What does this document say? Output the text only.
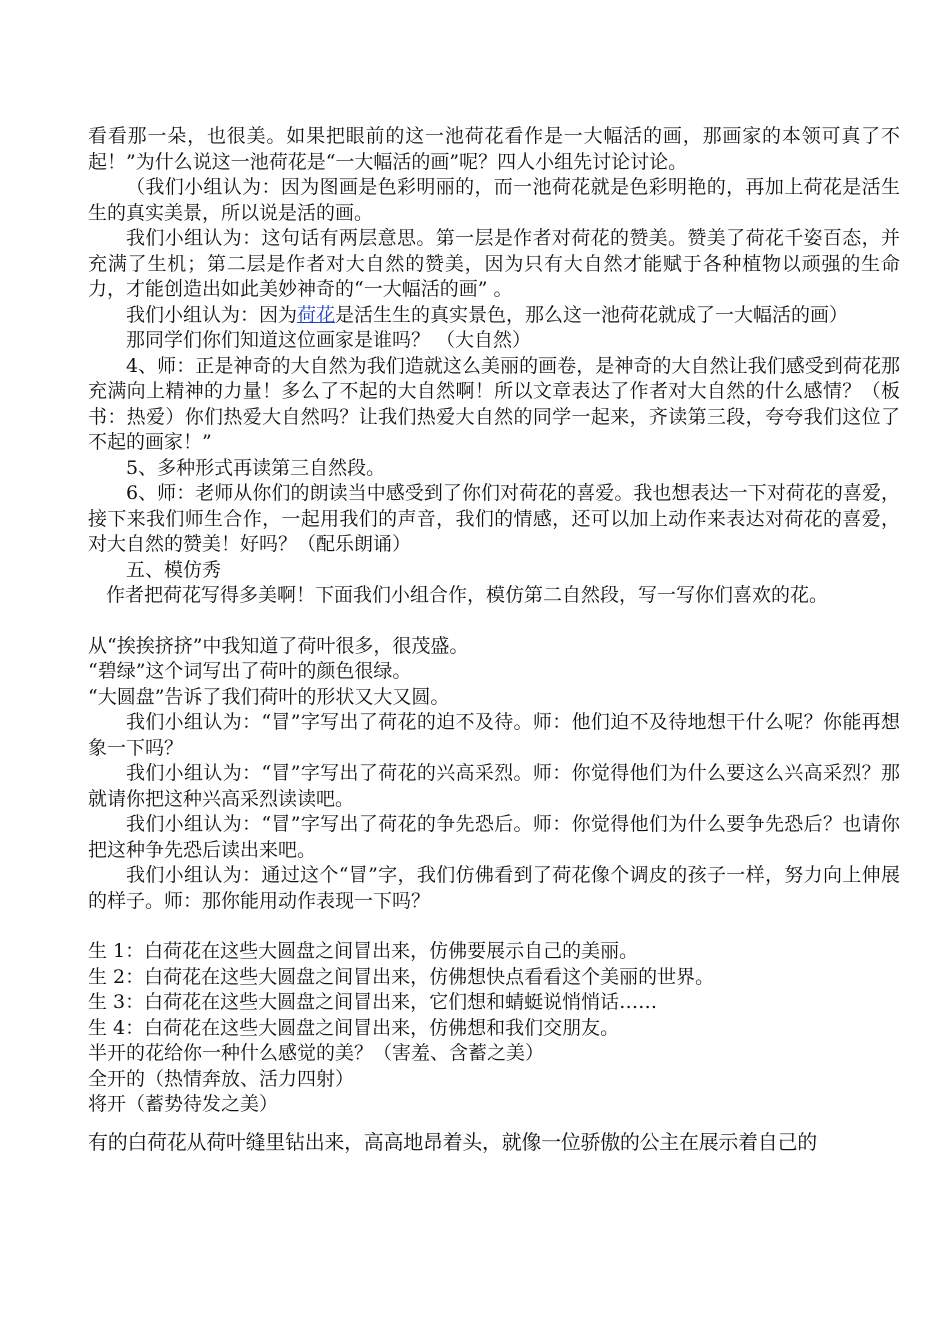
看看那一朵，也很美。如果把眼前的这一池荷花看作是一大幅活的画，那画家的本领可真了不起！”为什么说这一池荷花是“一大幅活的画”呢？四人小组先讨论讨论。

（我们小组认为：因为图画是色彩明丽的，而一池荷花就是色彩明艳的，再加上荷花是活生生的真实美景，所以说是活的画。

我们小组认为：这句话有两层意思。第一层是作者对荷花的赞美。赞美了荷花千姿百态，并充满了生机；第二层是作者对大自然的赞美，因为只有大自然才能赋于各种植物以顽强的生命力，才能创造出如此美妙神奇的“一大幅活的画” 。

我们小组认为：因为荷花是活生生的真实景色，那么这一池荷花就成了一大幅活的画）

那同学们你们知道这位画家是谁吗？ （大自然）

4、师：正是神奇的大自然为我们造就这么美丽的画卷，是神奇的大自然让我们感受到荷花那充满向上精神的力量！多么了不起的大自然啊！所以文章表达了作者对大自然的什么感情？（板书：热爱）你们热爱大自然吗？让我们热爱大自然的同学一起来，齐读第三段，夸夸我们这位了不起的画家！”

5、多种形式再读第三自然段。

6、师：老师从你们的朗读当中感受到了你们对荷花的喜爱。我也想表达一下对荷花的喜爱，接下来我们师生合作，一起用我们的声音，我们的情感，还可以加上动作来表达对荷花的喜爱，对大自然的赞美！好吗？（配乐朗诵）

五、模仿秀

作者把荷花写得多美啊！下面我们小组合作，模仿第二自然段，写一写你们喜欢的花。

从“挨挨挤挤”中我知道了荷叶很多，很茂盛。

“碧绿”这个词写出了荷叶的颜色很绿。

“大圆盘”告诉了我们荷叶的形状又大又圆。

我们小组认为：“冒”字写出了荷花的迫不及待。师：他们迫不及待地想干什么呢？你能再想象一下吗？

我们小组认为：“冒”字写出了荷花的兴高采烈。师：你觉得他们为什么要这么兴高采烈？那就请你把这种兴高采烈读读吧。

我们小组认为：“冒”字写出了荷花的争先恐后。师：你觉得他们为什么要争先恐后？也请你把这种争先恐后读出来吧。

我们小组认为：通过这个“冒”字，我们仿佛看到了荷花像个调皮的孩子一样，努力向上伸展的样子。师：那你能用动作表现一下吗？

生 1：白荷花在这些大圆盘之间冒出来，仿佛要展示自己的美丽。

生 2：白荷花在这些大圆盘之间冒出来，仿佛想快点看看这个美丽的世界。

生 3：白荷花在这些大圆盘之间冒出来，它们想和蜻蜓说悄悄话……

生 4：白荷花在这些大圆盘之间冒出来，仿佛想和我们交朋友。

半开的花给你一种什么感觉的美？（害羞、含蓄之美）

全开的（热情奔放、活力四射）

将开（蓄势待发之美）

有的白荷花从荷叶缝里钻出来，高高地昂着头，就像一位骄傲的公主在展示着自己的
